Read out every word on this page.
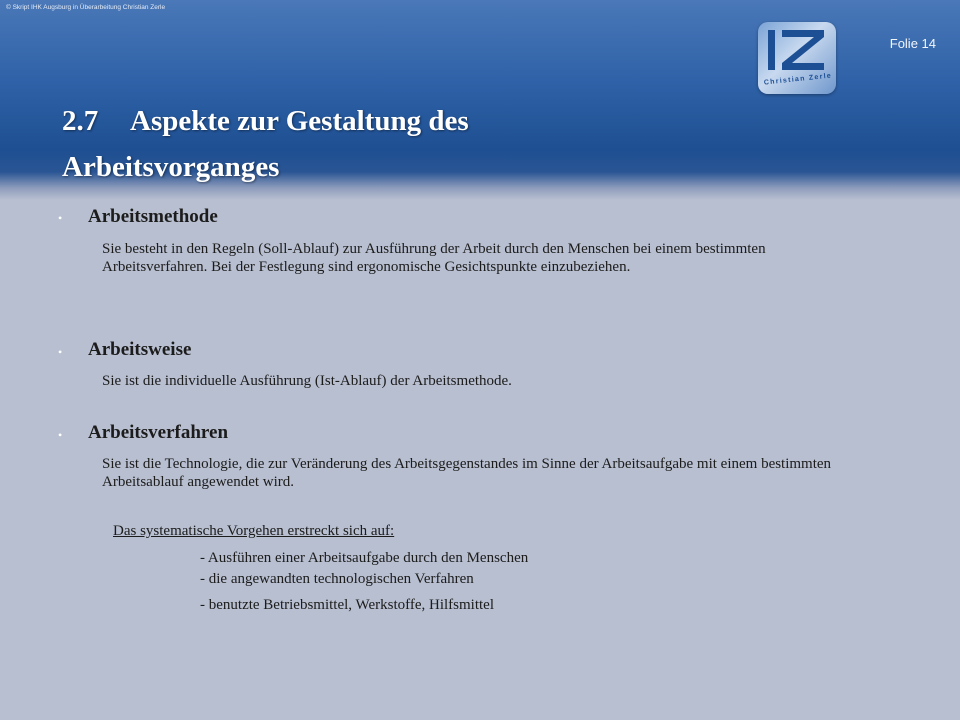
© Skript IHK Augsburg in Überarbeitung Christian Zerle
Folie 14
Christian Zerle
2.7 Aspekte zur Gestaltung des
Arbeitsvorganges
• Arbeitsmethode
Sie besteht in den Regeln (Soll-Ablauf) zur Ausführung der Arbeit durch den Menschen bei einem bestimmten Arbeitsverfahren. Bei der Festlegung sind ergonomische Gesichtspunkte einzubeziehen.
• Arbeitsweise
Sie ist die individuelle Ausführung (Ist-Ablauf) der Arbeitsmethode.
• Arbeitsverfahren
Sie ist die Technologie, die zur Veränderung des Arbeitsgegenstandes im Sinne der Arbeitsaufgabe mit einem bestimmten Arbeitsablauf angewendet wird.
Das systematische Vorgehen erstreckt sich auf:
- Ausführen einer Arbeitsaufgabe durch den Menschen
- die angewandten technologischen Verfahren
- benutzte Betriebsmittel, Werkstoffe, Hilfsmittel
